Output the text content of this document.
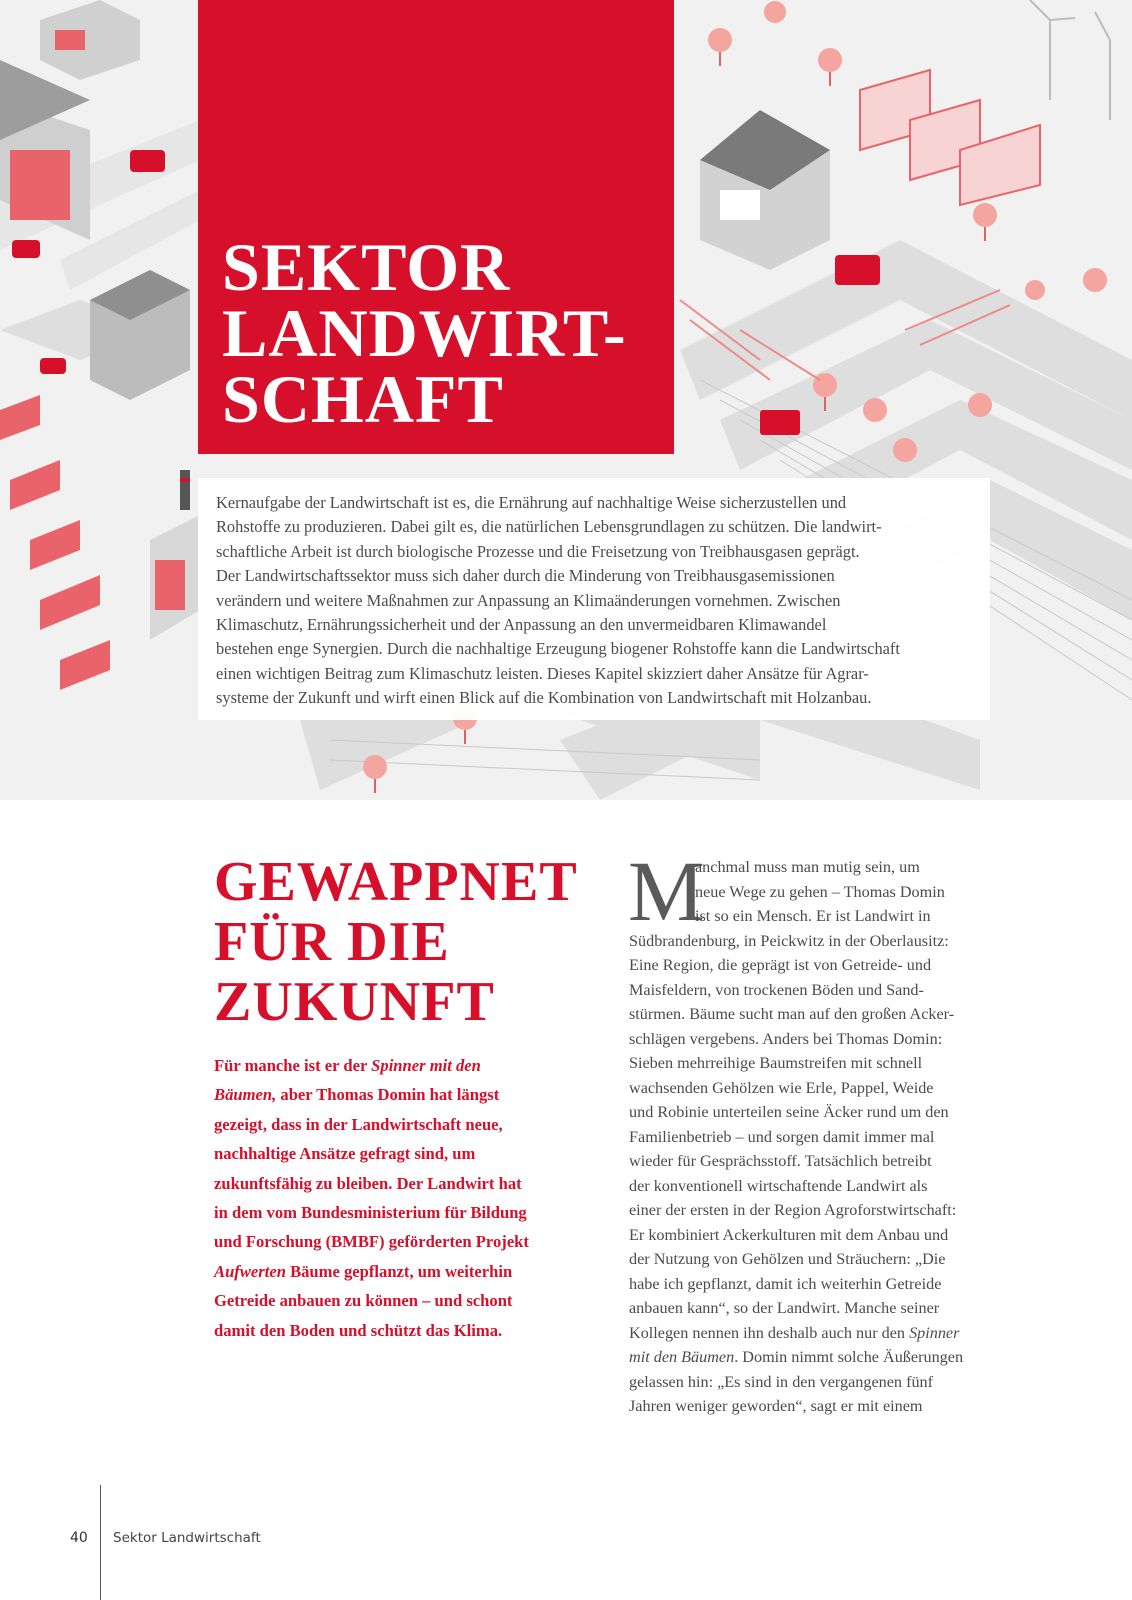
SEKTOR
LANDWIRT-
SCHAFT
Kernaufgabe der Landwirtschaft ist es, die Ernährung auf nachhaltige Weise sicherzustellen und
Rohstoffe zu produzieren. Dabei gilt es, die natürlichen Lebensgrundlagen zu schützen. Die landwirt-
schaftliche Arbeit ist durch biologische Prozesse und die Freisetzung von Treibhausgasen geprägt.
Der Landwirtschaftssektor muss sich daher durch die Minderung von Treibhausgasemissionen
verändern und weitere Maßnahmen zur Anpassung an Klimaänderungen vornehmen. Zwischen
Klimaschutz, Ernährungssicherheit und der Anpassung an den unvermeidbaren Klimawandel
bestehen enge Synergien. Durch die nachhaltige Erzeugung biogener Rohstoffe kann die Landwirtschaft
einen wichtigen Beitrag zum Klimaschutz leisten. Dieses Kapitel skizziert daher Ansätze für Agrar-
systeme der Zukunft und wirft einen Blick auf die Kombination von Landwirtschaft mit Holzanbau.
GEWAPPNET
FÜR DIE
ZUKUNFT

Für manche ist er der Spinner mit den
Bäumen, aber Thomas Domin hat längst
gezeigt, dass in der Landwirtschaft neue,
nachhaltige Ansätze gefragt sind, um
zukunftsfähig zu bleiben. Der Landwirt hat
in dem vom Bundesministerium für Bildung
und Forschung (BMBF) geförderten Projekt
Aufwerten Bäume gepflanzt, um weiterhin
Getreide anbauen zu können – und schont
damit den Boden und schützt das Klima.

M

anchmal muss man mutig sein, um
neue Wege zu gehen – Thomas Domin
ist so ein Mensch. Er ist Landwirt in
Südbrandenburg, in Peickwitz in der Oberlausitz:
Eine Region, die geprägt ist von Getreide- und
Maisfeldern, von trockenen Böden und Sand-
stürmen. Bäume sucht man auf den großen Acker-
schlägen vergebens. Anders bei Thomas Domin:
Sieben mehrreihige Baumstreifen mit schnell
wachsenden Gehölzen wie Erle, Pappel, Weide
und Robinie unterteilen seine Äcker rund um den
Familienbetrieb – und sorgen damit immer mal
wieder für Gesprächsstoff. Tatsächlich betreibt
der konventionell wirtschaftende Landwirt als
einer der ersten in der Region Agroforstwirtschaft:
Er kombiniert Ackerkulturen mit dem Anbau und
der Nutzung von Gehölzen und Sträuchern: „Die
habe ich gepflanzt, damit ich weiterhin Getreide
anbauen kann“, so der Landwirt. Manche seiner
Kollegen nennen ihn deshalb auch nur den Spinner
mit den Bäumen. Domin nimmt solche Äußerungen
gelassen hin: „Es sind in den vergangenen fünf
Jahren weniger geworden“, sagt er mit einem

40 Sektor Landwirtschaft
